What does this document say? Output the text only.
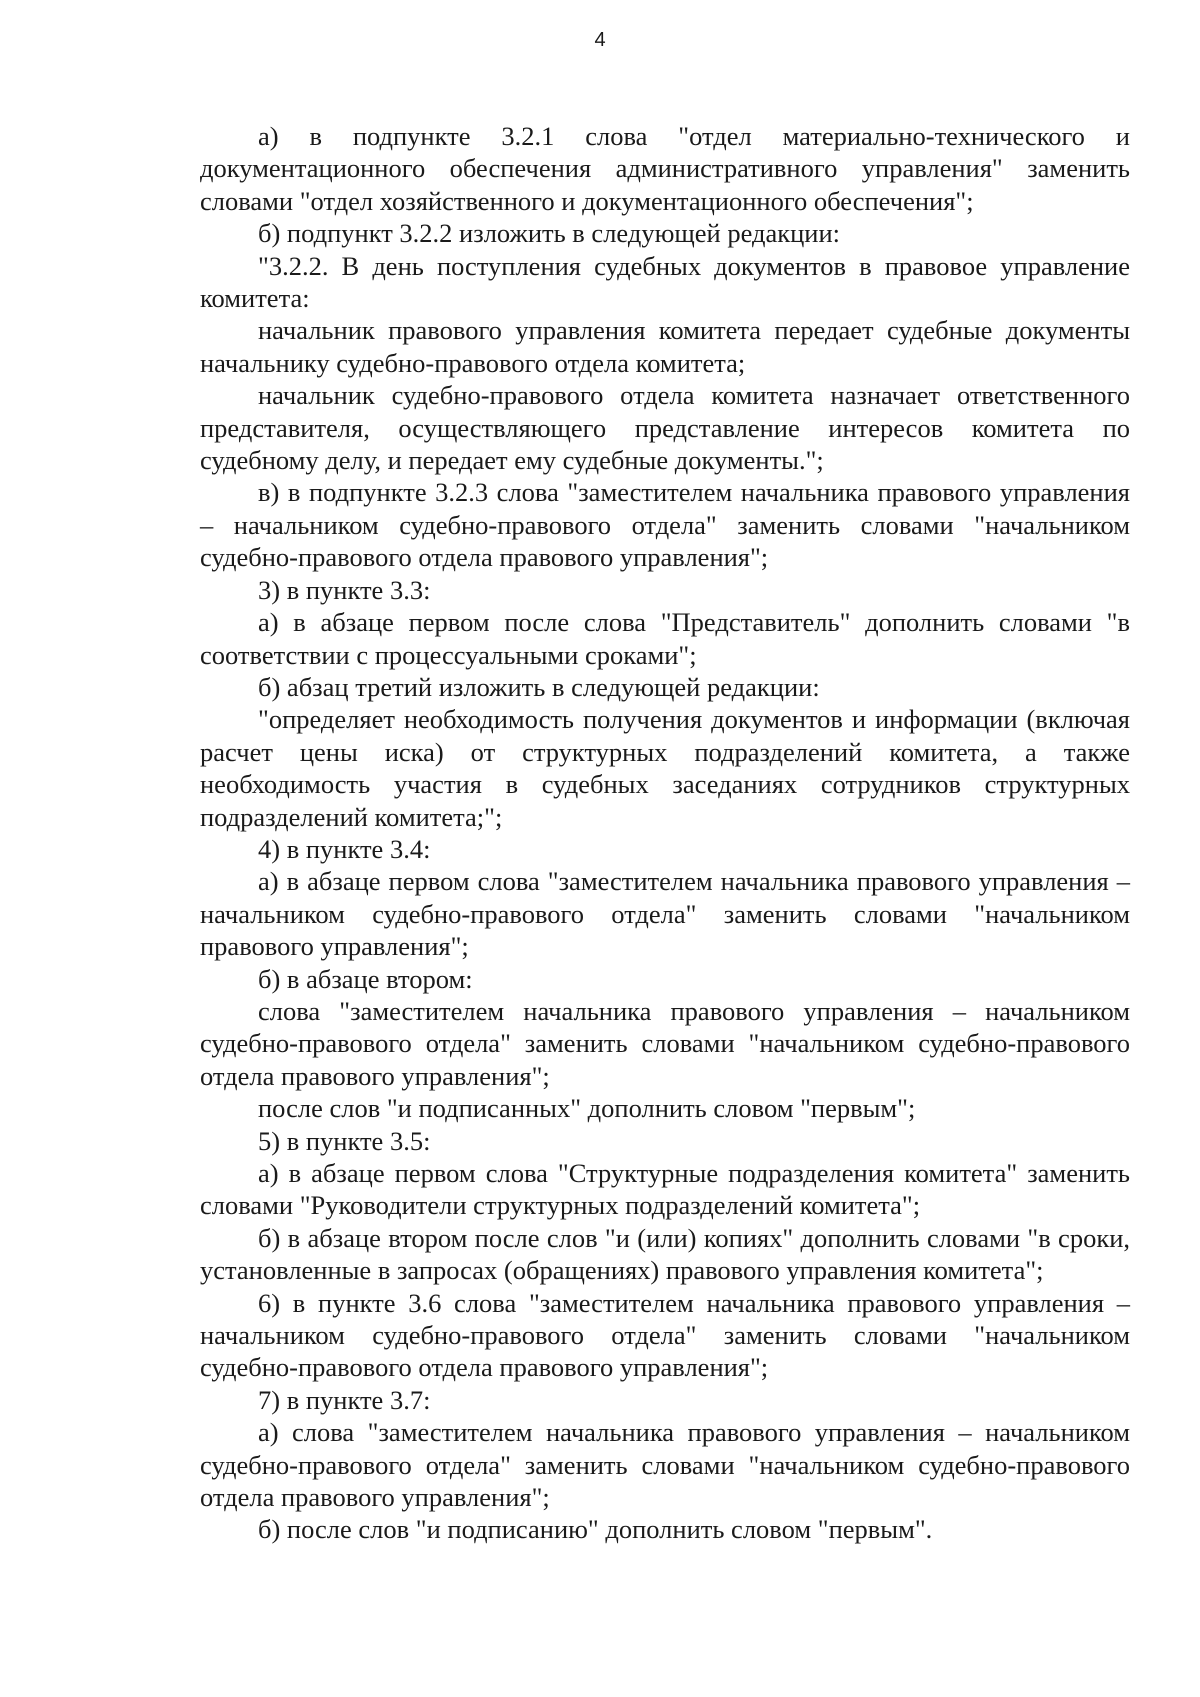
4

а) в подпункте 3.2.1 слова "отдел материально-технического и документационного обеспечения административного управления" заменить словами "отдел хозяйственного и документационного обеспечения";

б) подпункт 3.2.2 изложить в следующей редакции:

"3.2.2. В день поступления судебных документов в правовое управление комитета:

начальник правового управления комитета передает судебные документы начальнику судебно-правового отдела комитета;

начальник судебно-правового отдела комитета назначает ответственного представителя, осуществляющего представление интересов комитета по судебному делу, и передает ему судебные документы.";

в) в подпункте 3.2.3 слова "заместителем начальника правового управления – начальником судебно-правового отдела" заменить словами "начальником судебно-правового отдела правового управления";

3) в пункте 3.3:

а) в абзаце первом после слова "Представитель" дополнить словами "в соответствии с процессуальными сроками";

б) абзац третий изложить в следующей редакции:

"определяет необходимость получения документов и информации (включая расчет цены иска) от структурных подразделений комитета, а также необходимость участия в судебных заседаниях сотрудников структурных подразделений комитета;";

4) в пункте 3.4:

а) в абзаце первом слова "заместителем начальника правового управления – начальником судебно-правового отдела" заменить словами "начальником правового управления";

б) в абзаце втором:

слова "заместителем начальника правового управления – начальником судебно-правового отдела" заменить словами "начальником судебно-правового отдела правового управления";

после слов "и подписанных" дополнить словом "первым";

5) в пункте 3.5:

а) в абзаце первом слова "Структурные подразделения комитета" заменить словами "Руководители структурных подразделений комитета";

б) в абзаце втором после слов "и (или) копиях" дополнить словами "в сроки, установленные в запросах (обращениях) правового управления комитета";

6) в пункте 3.6 слова "заместителем начальника правового управления – начальником судебно-правового отдела" заменить словами "начальником судебно-правового отдела правового управления";

7) в пункте 3.7:

а) слова "заместителем начальника правового управления – начальником судебно-правового отдела" заменить словами "начальником судебно-правового отдела правового управления";

б) после слов "и подписанию" дополнить словом "первым".
